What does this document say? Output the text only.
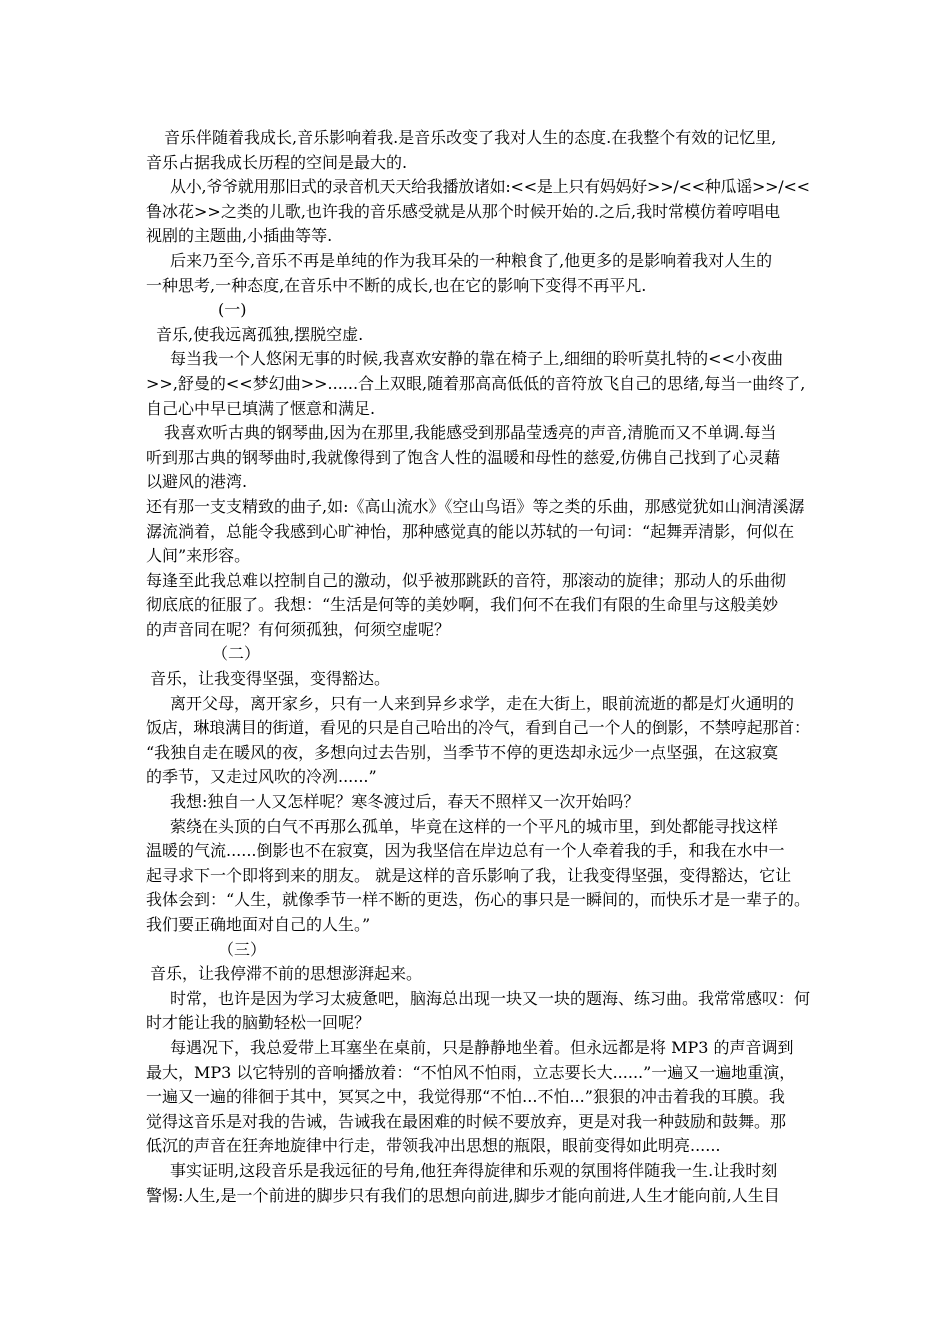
音乐伴随着我成长,音乐影响着我.是音乐改变了我对人生的态度.在我整个有效的记忆里,
音乐占据我成长历程的空间是最大的.
从小,爷爷就用那旧式的录音机天天给我播放诸如:<<是上只有妈妈好>>/<<种瓜谣>>/<<
鲁冰花>>之类的儿歌,也许我的音乐感受就是从那个时候开始的.之后,我时常模仿着哼唱电
视剧的主题曲,小插曲等等.
后来乃至今,音乐不再是单纯的作为我耳朵的一种粮食了,他更多的是影响着我对人生的
一种思考,一种态度,在音乐中不断的成长,也在它的影响下变得不再平凡.
(一)
音乐,使我远离孤独,摆脱空虚.
每当我一个人悠闲无事的时候,我喜欢安静的靠在椅子上,细细的聆听莫扎特的<<小夜曲
>>,舒曼的<<梦幻曲>>......合上双眼,随着那高高低低的音符放飞自己的思绪,每当一曲终了,
自己心中早已填满了惬意和满足.
我喜欢听古典的钢琴曲,因为在那里,我能感受到那晶莹透亮的声音,清脆而又不单调.每当
听到那古典的钢琴曲时,我就像得到了饱含人性的温暖和母性的慈爱,仿佛自己找到了心灵藉
以避风的港湾.
还有那一支支精致的曲子,如:《高山流水》《空山鸟语》等之类的乐曲，那感觉犹如山涧清溪潺
潺流淌着，总能令我感到心旷神怡，那种感觉真的能以苏轼的一句词：“起舞弄清影，何似在
人间”来形容。
每逢至此我总难以控制自己的激动，似乎被那跳跃的音符，那滚动的旋律；那动人的乐曲彻
彻底底的征服了。我想：“生活是何等的美妙啊，我们何不在我们有限的生命里与这般美妙
的声音同在呢？有何须孤独，何须空虚呢？
（二）
音乐，让我变得坚强，变得豁达。
离开父母，离开家乡，只有一人来到异乡求学，走在大街上，眼前流逝的都是灯火通明的
饭店，琳琅满目的街道，看见的只是自己哈出的冷气，看到自己一个人的倒影，不禁哼起那首：
“我独自走在暖风的夜，多想向过去告别，当季节不停的更迭却永远少一点坚强，在这寂寞
的季节，又走过风吹的冷冽......”
我想:独自一人又怎样呢？寒冬渡过后，春天不照样又一次开始吗？
萦绕在头顶的白气不再那么孤单，毕竟在这样的一个平凡的城市里，到处都能寻找这样
温暖的气流......倒影也不在寂寞，因为我坚信在岸边总有一个人牵着我的手，和我在水中一
起寻求下一个即将到来的朋友。 就是这样的音乐影响了我，让我变得坚强，变得豁达，它让
我体会到：“人生，就像季节一样不断的更迭，伤心的事只是一瞬间的，而快乐才是一辈子的。
我们要正确地面对自己的人生。”
（三）
音乐，让我停滞不前的思想澎湃起来。
时常，也许是因为学习太疲惫吧，脑海总出现一块又一块的题海、练习曲。我常常感叹：何
时才能让我的脑勤轻松一回呢？
每遇况下，我总爱带上耳塞坐在桌前，只是静静地坐着。但永远都是将 MP3 的声音调到
最大，MP3 以它特别的音响播放着：“不怕风不怕雨，立志要长大......”一遍又一遍地重演，
一遍又一遍的徘徊于其中，冥冥之中，我觉得那“不怕...不怕...”狠狠的冲击着我的耳膜。我
觉得这音乐是对我的告诫，告诫我在最困难的时候不要放弃，更是对我一种鼓励和鼓舞。那
低沉的声音在狂奔地旋律中行走，带领我冲出思想的瓶限，眼前变得如此明亮......
事实证明,这段音乐是我远征的号角,他狂奔得旋律和乐观的氛围将伴随我一生.让我时刻
警惕:人生,是一个前进的脚步只有我们的思想向前进,脚步才能向前进,人生才能向前,人生目
